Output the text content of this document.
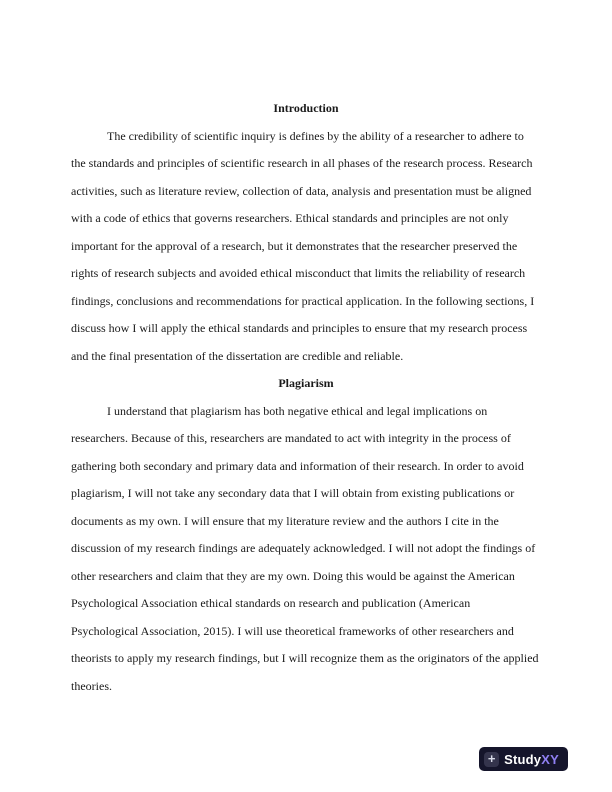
Introduction
The credibility of scientific inquiry is defines by the ability of a researcher to adhere to
the standards and principles of scientific research in all phases of the research process. Research
activities, such as literature review, collection of data, analysis and presentation must be aligned
with a code of ethics that governs researchers. Ethical standards and principles are not only
important for the approval of a research, but it demonstrates that the researcher preserved the
rights of research subjects and avoided ethical misconduct that limits the reliability of research
findings, conclusions and recommendations for practical application. In the following sections, I
discuss how I will apply the ethical standards and principles to ensure that my research process
and the final presentation of the dissertation are credible and reliable.
Plagiarism
I understand that plagiarism has both negative ethical and legal implications on
researchers. Because of this, researchers are mandated to act with integrity in the process of
gathering both secondary and primary data and information of their research. In order to avoid
plagiarism, I will not take any secondary data that I will obtain from existing publications or
documents as my own. I will ensure that my literature review and the authors I cite in the
discussion of my research findings are adequately acknowledged. I will not adopt the findings of
other researchers and claim that they are my own. Doing this would be against the American
Psychological Association ethical standards on research and publication (American
Psychological Association, 2015). I will use theoretical frameworks of other researchers and
theorists to apply my research findings, but I will recognize them as the originators of the applied
theories.
+ StudyXY
